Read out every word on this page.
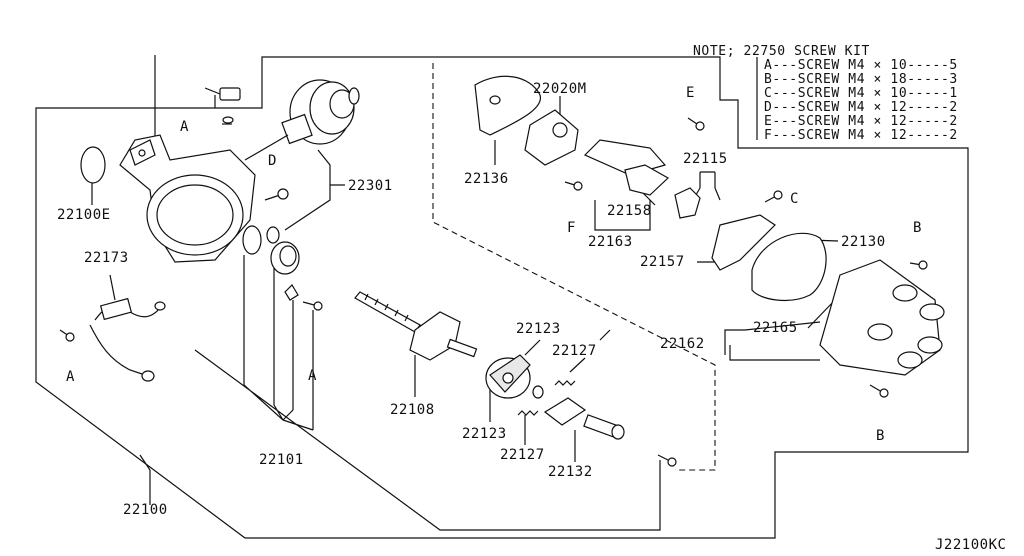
22020M
22301
22100E
22136
22115
22158
22163
22157
22130
22173
22165
22162
22123
22127
22108
22123
22127
22132
22101
22100
A
D
E
F
C
B
A	A
B
NOTE; 22750 SCREW KIT
A---SCREW M4 × 10-----5
B---SCREW M4 × 18-----3
C---SCREW M4 × 10-----1
D---SCREW M4 × 12-----2
E---SCREW M4 × 12-----2
F---SCREW M4 × 12-----2
J22100KC
